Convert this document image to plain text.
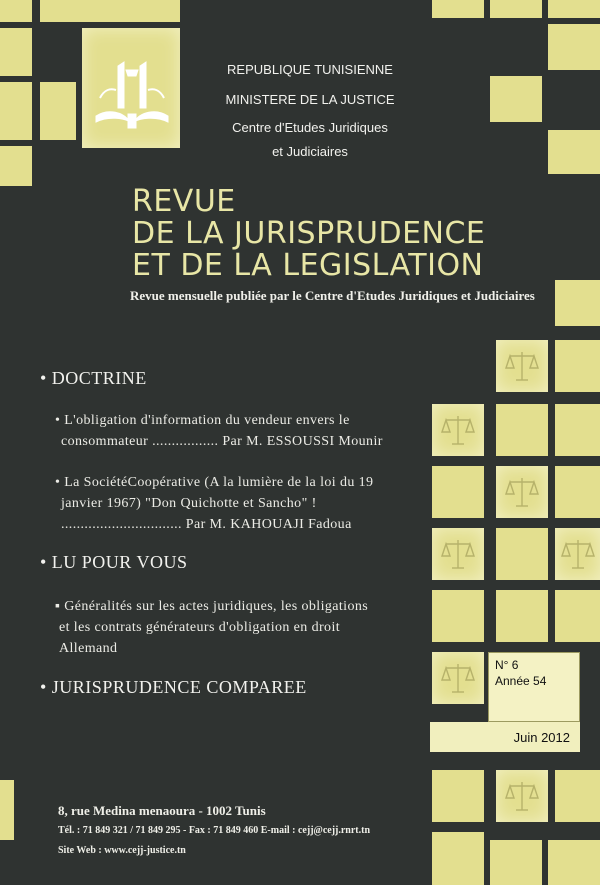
REPUBLIQUE TUNISIENNE
MINISTERE DE LA JUSTICE
Centre d'Etudes Juridiques
et Judiciaires
REVUE
DE LA JURISPRUDENCE
ET DE LA LEGISLATION
Revue mensuelle publiée par le Centre d'Etudes Juridiques et Judiciaires
• DOCTRINE
• L'obligation d'information du vendeur envers le
consommateur ................. Par M. ESSOUSSI Mounir
• La SociétéCoopérative (A la lumière de la loi du 19
janvier 1967) "Don Quichotte et Sancho" !
............................... Par M. KAHOUAJI Fadoua
• LU POUR VOUS
▪ Généralités sur les actes juridiques, les obligations
et les contrats générateurs d'obligation en droit
Allemand
• JURISPRUDENCE COMPAREE
N° 6
Année 54
Juin 2012
8, rue Medina menaoura - 1002 Tunis
Tél. : 71 849 321 / 71 849 295 - Fax : 71 849 460 E-mail : cejj@cejj.rnrt.tn
Site Web : www.cejj-justice.tn
